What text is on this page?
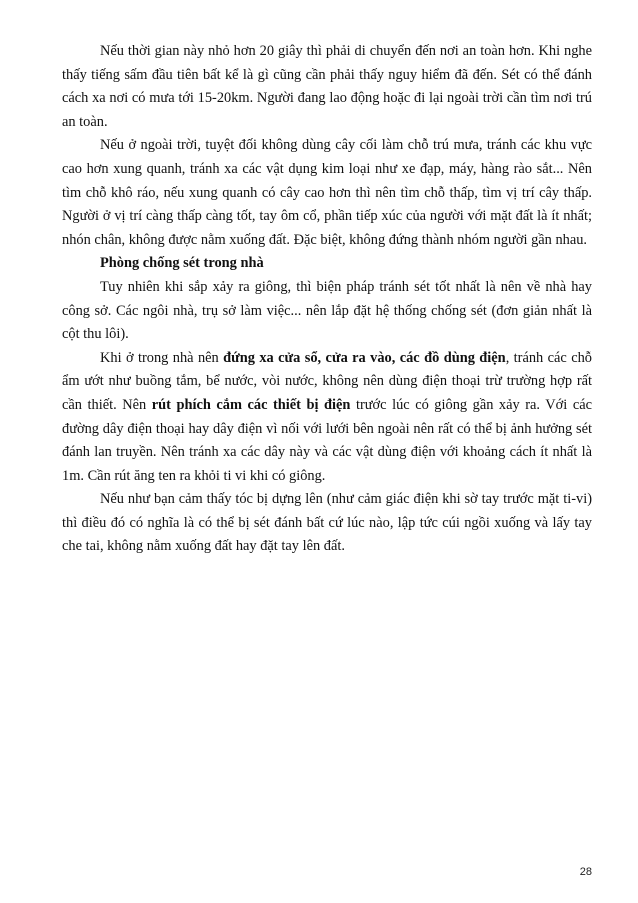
Nếu thời gian này nhỏ hơn 20 giây thì phải di chuyển đến nơi an toàn hơn. Khi nghe thấy tiếng sấm đầu tiên bất kể là gì cũng cần phải thấy nguy hiểm đã đến. Sét có thể đánh cách xa nơi có mưa tới 15-20km. Người đang lao động hoặc đi lại ngoài trời cần tìm nơi trú an toàn.

Nếu ở ngoài trời, tuyệt đối không dùng cây cối làm chỗ trú mưa, tránh các khu vực cao hơn xung quanh, tránh xa các vật dụng kim loại như xe đạp, máy, hàng rào sắt... Nên tìm chỗ khô ráo, nếu xung quanh có cây cao hơn thì nên tìm chỗ thấp, tìm vị trí cây thấp. Người ở vị trí càng thấp càng tốt, tay ôm cổ, phần tiếp xúc của người với mặt đất là ít nhất; nhón chân, không được nằm xuống đất. Đặc biệt, không đứng thành nhóm người gần nhau.

Phòng chống sét trong nhà

Tuy nhiên khi sắp xảy ra giông, thì biện pháp tránh sét tốt nhất là nên về nhà hay công sở. Các ngôi nhà, trụ sở làm việc... nên lắp đặt hệ thống chống sét (đơn giản nhất là cột thu lôi).

Khi ở trong nhà nên đứng xa cửa sổ, cửa ra vào, các đồ dùng điện, tránh các chỗ ẩm ướt như buồng tắm, bể nước, vòi nước, không nên dùng điện thoại trừ trường hợp rất cần thiết. Nên rút phích cắm các thiết bị điện trước lúc có giông gần xảy ra. Với các đường dây điện thoại hay dây điện vì nối với lưới bên ngoài nên rất có thể bị ảnh hưởng sét đánh lan truyền. Nên tránh xa các dây này và các vật dùng điện với khoảng cách ít nhất là 1m. Cần rút ăng ten ra khỏi ti vi khi có giông.

Nếu như bạn cảm thấy tóc bị dựng lên (như cảm giác điện khi sờ tay trước mặt ti-vi) thì điều đó có nghĩa là có thể bị sét đánh bất cứ lúc nào, lập tức cúi ngồi xuống và lấy tay che tai, không nằm xuống đất hay đặt tay lên đất.

28
